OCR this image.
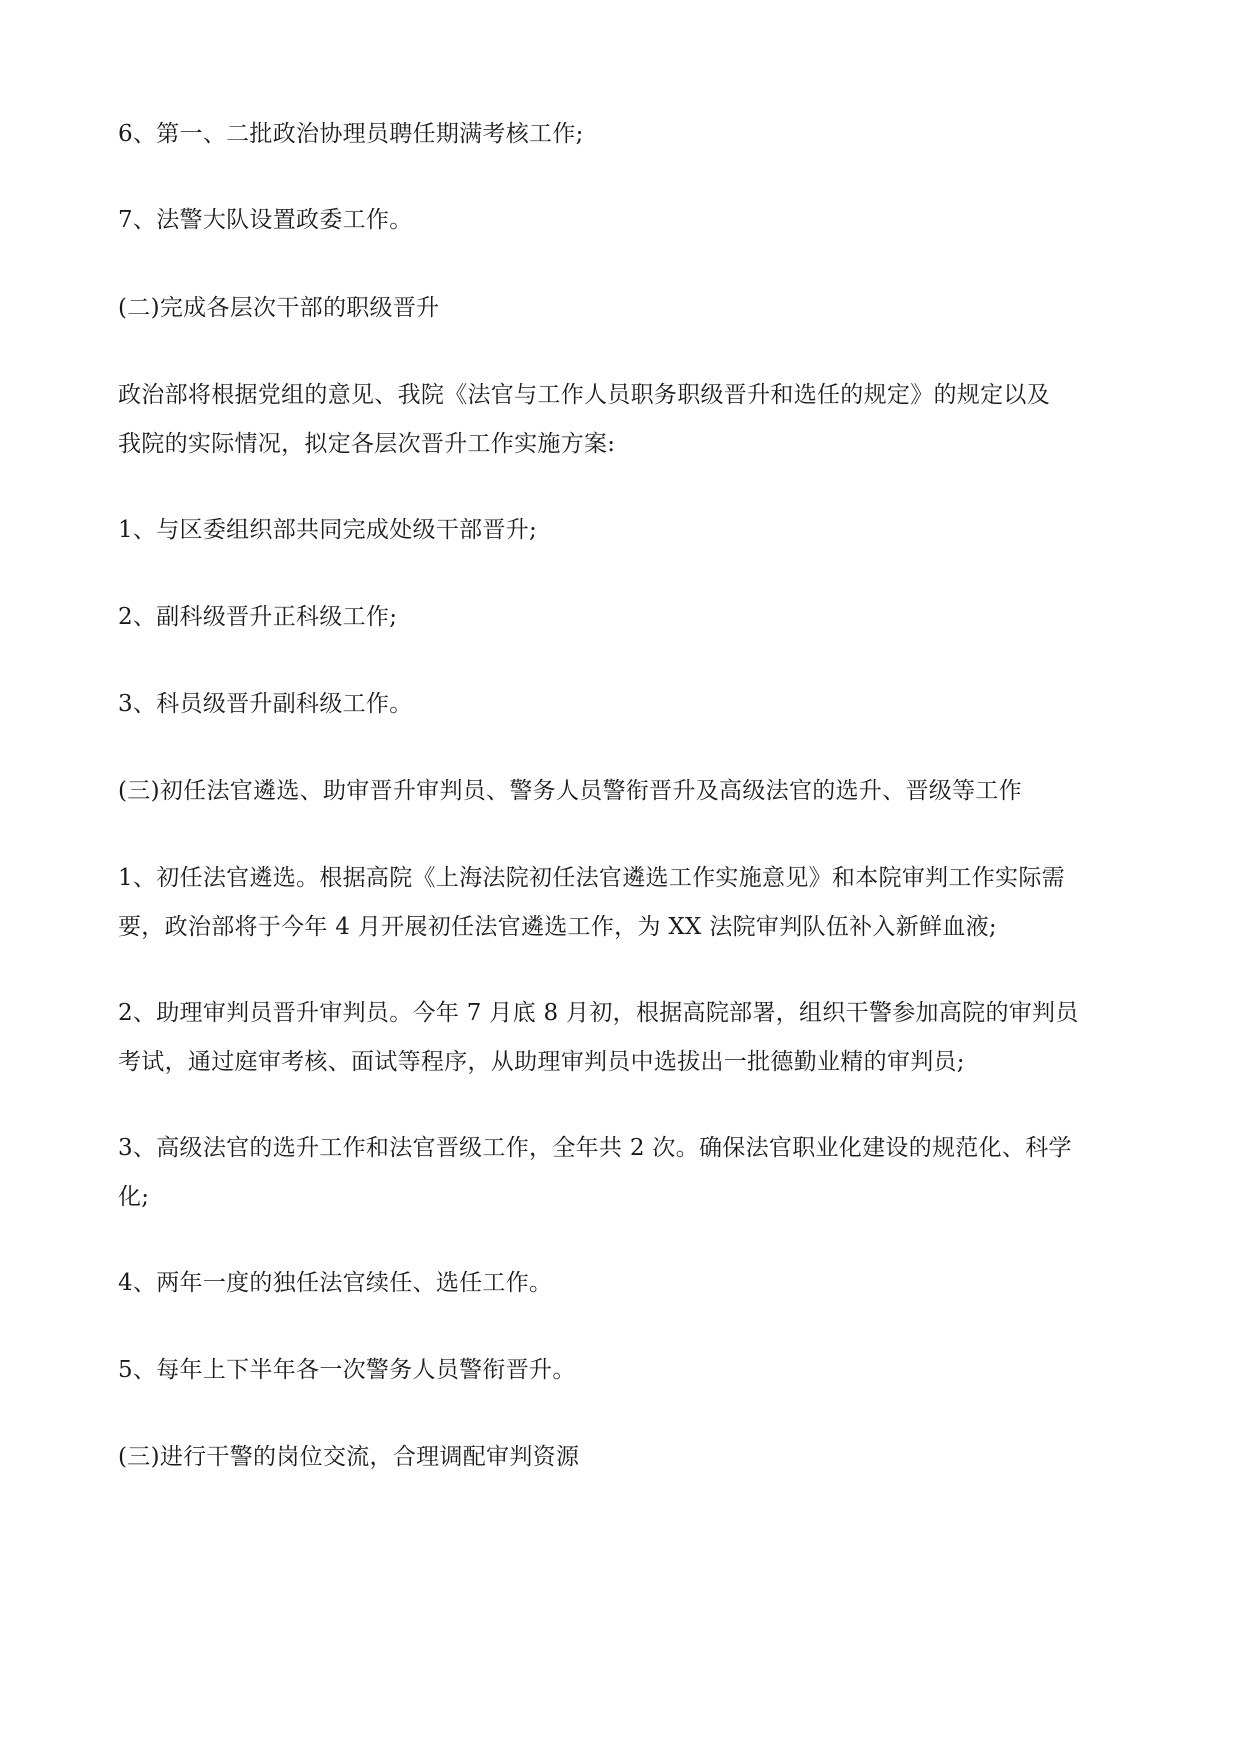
6、第一、二批政治协理员聘任期满考核工作;

7、法警大队设置政委工作。

(二)完成各层次干部的职级晋升

政治部将根据党组的意见、我院《法官与工作人员职务职级晋升和选任的规定》的规定以及
我院的实际情况，拟定各层次晋升工作实施方案:

1、与区委组织部共同完成处级干部晋升;

2、副科级晋升正科级工作;

3、科员级晋升副科级工作。

(三)初任法官遴选、助审晋升审判员、警务人员警衔晋升及高级法官的选升、晋级等工作

1、初任法官遴选。根据高院《上海法院初任法官遴选工作实施意见》和本院审判工作实际需
要，政治部将于今年 4 月开展初任法官遴选工作，为 XX 法院审判队伍补入新鲜血液;

2、助理审判员晋升审判员。今年 7 月底 8 月初，根据高院部署，组织干警参加高院的审判员
考试，通过庭审考核、面试等程序，从助理审判员中选拔出一批德勤业精的审判员;

3、高级法官的选升工作和法官晋级工作，全年共 2 次。确保法官职业化建设的规范化、科学
化;

4、两年一度的独任法官续任、选任工作。

5、每年上下半年各一次警务人员警衔晋升。

(三)进行干警的岗位交流，合理调配审判资源
